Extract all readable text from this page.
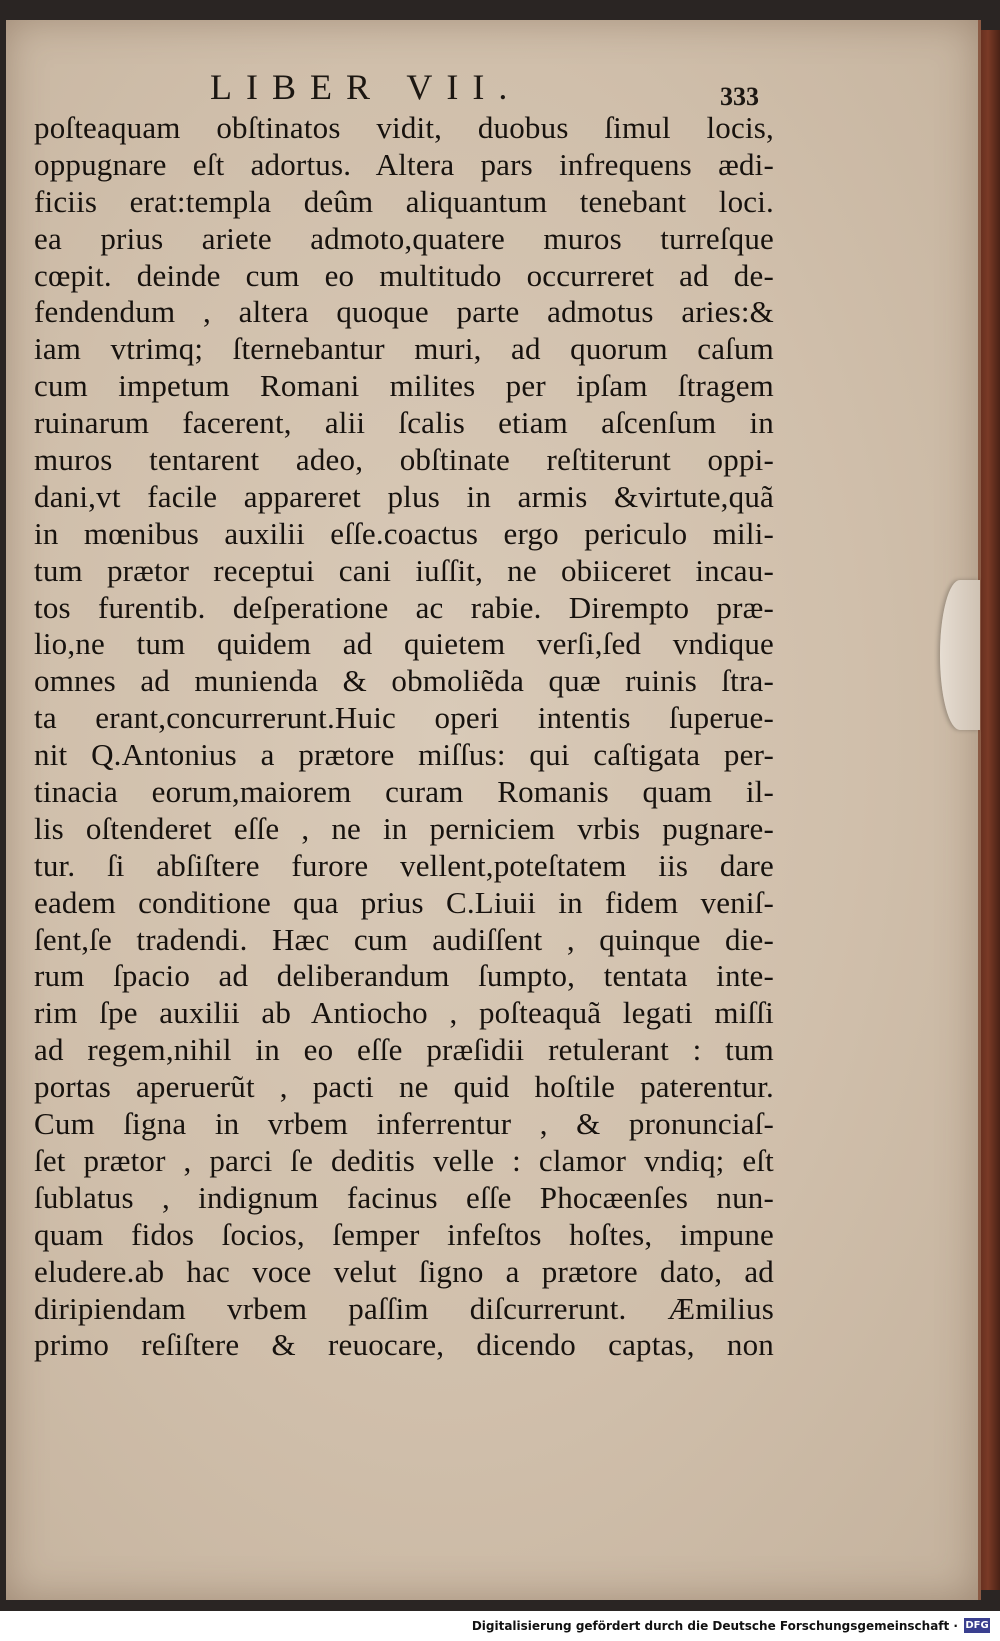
LIBER VII.	333
poſteaquam obſtinatos vidit, duobus ſimul locis,
oppugnare eſt adortus. Altera pars infrequens ædi-
ficiis erat:templa deûm aliquantum tenebant loci.
ea prius ariete admoto,quatere muros turreſque
cœpit. deinde cum eo multitudo occurreret ad de-
fendendum , altera quoque parte admotus aries:&
iam vtrimq; ſternebantur muri, ad quorum caſum
cum impetum Romani milites per ipſam ſtragem
ruinarum facerent, alii ſcalis etiam aſcenſum in
muros tentarent adeo, obſtinate reſtiterunt oppi-
dani,vt facile appareret plus in armis &virtute,quã
in mœnibus auxilii eſſe.coactus ergo periculo mili-
tum prætor receptui cani iuſſit, ne obiiceret incau-
tos furentib. deſperatione ac rabie. Dirempto præ-
lio,ne tum quidem ad quietem verſi,ſed vndique
omnes ad munienda & obmoliẽda quæ ruinis ſtra-
ta erant,concurrerunt.Huic operi intentis ſuperue-
nit Q.Antonius a prætore miſſus: qui caſtigata per-
tinacia eorum,maiorem curam Romanis quam il-
lis oſtenderet eſſe , ne in perniciem vrbis pugnare-
tur. ſi abſiſtere furore vellent,poteſtatem iis dare
eadem conditione qua prius C.Liuii in fidem veniſ-
ſent,ſe tradendi. Hæc cum audiſſent , quinque die-
rum ſpacio ad deliberandum ſumpto, tentata inte-
rim ſpe auxilii ab Antiocho , poſteaquã legati miſſi
ad regem,nihil in eo eſſe præſidii retulerant : tum
portas aperuerũt , pacti ne quid hoſtile paterentur.
Cum ſigna in vrbem inferrentur , & pronunciaſ-
ſet prætor , parci ſe deditis velle : clamor vndiq; eſt
ſublatus , indignum facinus eſſe Phocæenſes nun-
quam fidos ſocios, ſemper infeſtos hoſtes, impune
eludere.ab hac voce velut ſigno a prætore dato, ad
diripiendam vrbem paſſim diſcurrerunt. Æmilius
primo reſiſtere & reuocare, dicendo captas, non
Digitalisierung gefördert durch die Deutsche Forschungsgemeinschaft · DFG
